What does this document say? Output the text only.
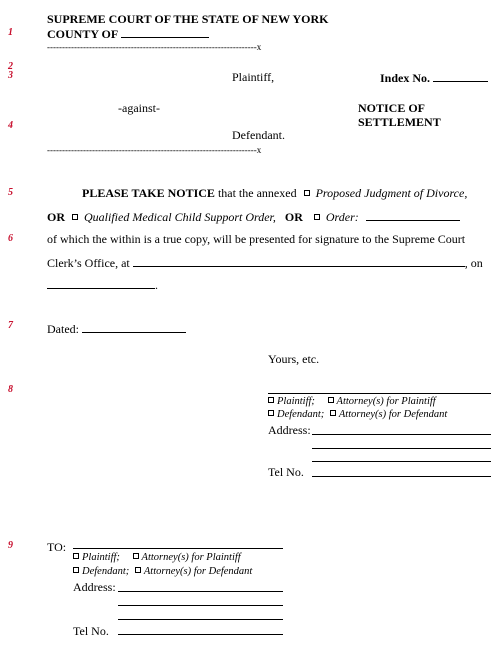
1
2
3
4
5
6
7
8
9
SUPREME COURT OF THE STATE OF NEW YORK
COUNTY OF
----------------------------------------------------------------------x
Plaintiff,	Index No.
-against-	NOTICE OF
SETTLEMENT
Defendant.
----------------------------------------------------------------------x
PLEASE TAKE NOTICE that the annexed Proposed Judgment of Divorce,
OR Qualified Medical Child Support Order, OR Order:
of which the within is a true copy, will be presented for signature to the Supreme Court
Clerk’s Office, at	, on
.
Dated:
Yours, etc.
Plaintiff; Attorney(s) for Plaintiff
Defendant; Attorney(s) for Defendant
Address:
Tel No.
TO:
Plaintiff; Attorney(s) for Plaintiff
Defendant; Attorney(s) for Defendant
Address:
Tel No.
